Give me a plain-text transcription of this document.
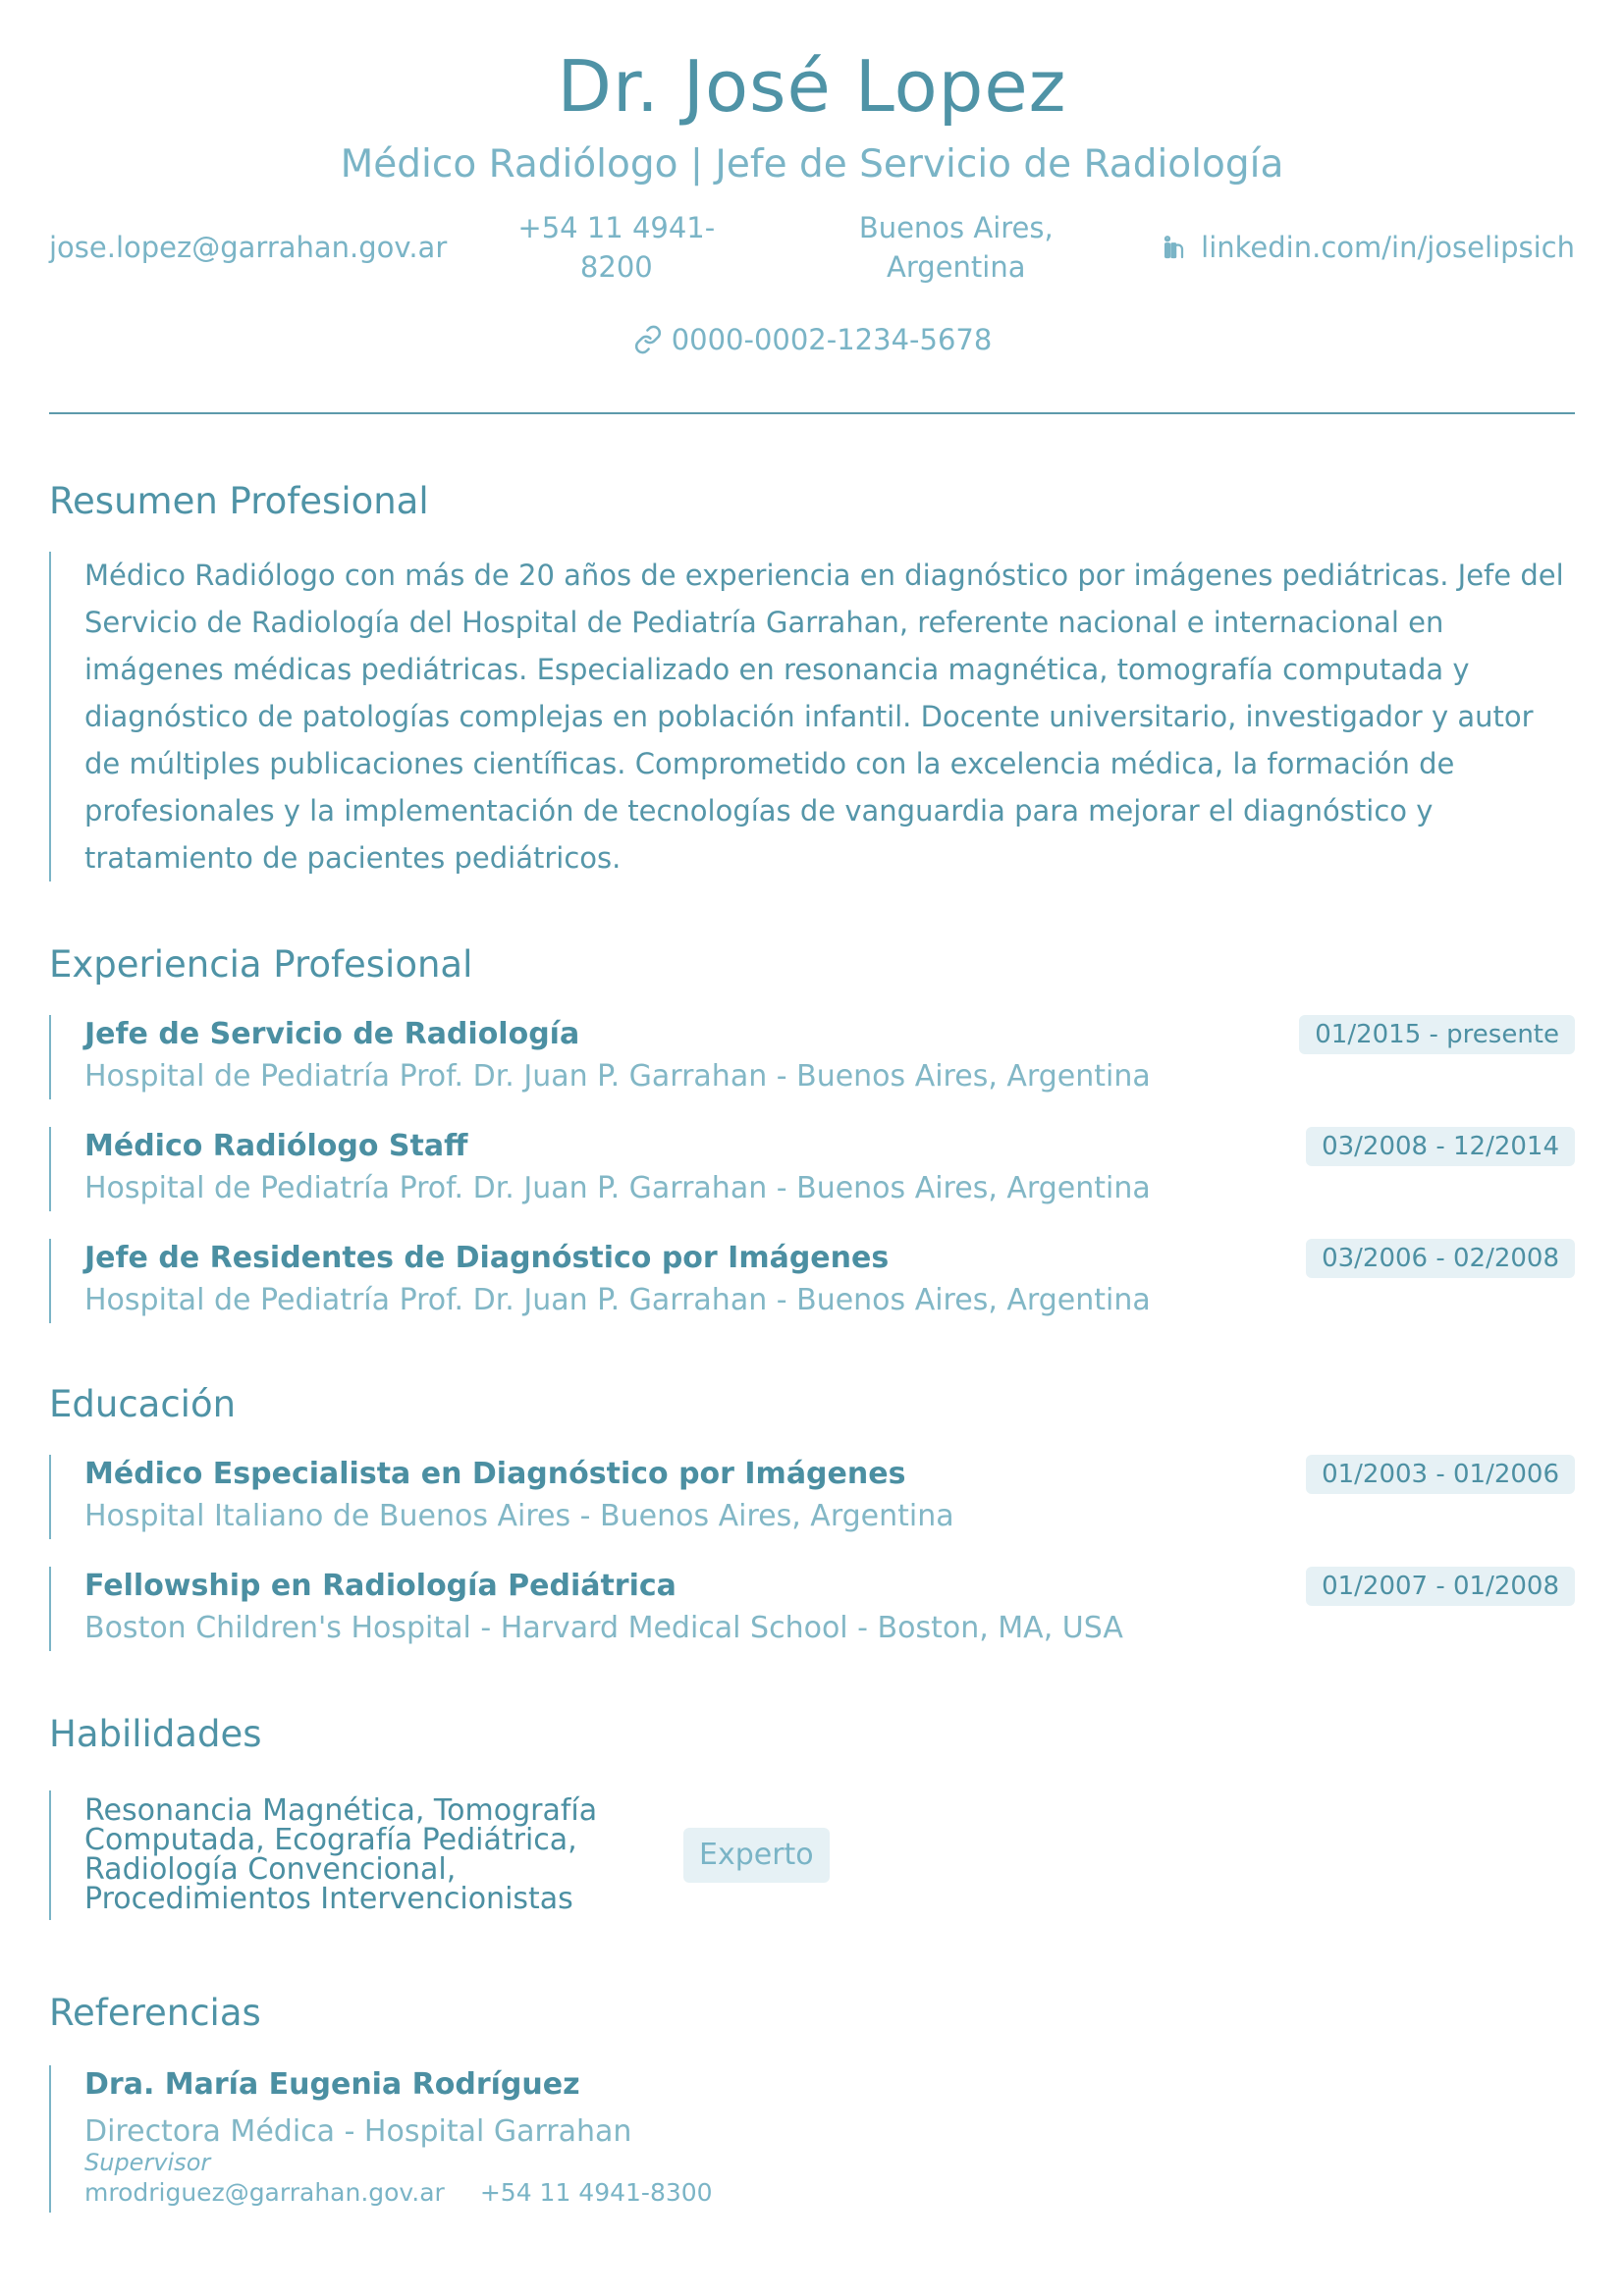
Dr. José Lopez
Médico Radiólogo | Jefe de Servicio de Radiología
jose.lopez@garrahan.gov.ar
+54 11 4941-8200
Buenos Aires, Argentina
linkedin.com/in/joselipsich
0000-0002-1234-5678
Resumen Profesional
Médico Radiólogo con más de 20 años de experiencia en diagnóstico por imágenes pediátricas. Jefe del Servicio de Radiología del Hospital de Pediatría Garrahan, referente nacional e internacional en imágenes médicas pediátricas. Especializado en resonancia magnética, tomografía computada y diagnóstico de patologías complejas en población infantil. Docente universitario, investigador y autor de múltiples publicaciones científicas. Comprometido con la excelencia médica, la formación de profesionales y la implementación de tecnologías de vanguardia para mejorar el diagnóstico y tratamiento de pacientes pediátricos.
Experiencia Profesional
Jefe de Servicio de Radiología
Hospital de Pediatría Prof. Dr. Juan P. Garrahan - Buenos Aires, Argentina
01/2015 - presente
Médico Radiólogo Staff
Hospital de Pediatría Prof. Dr. Juan P. Garrahan - Buenos Aires, Argentina
03/2008 - 12/2014
Jefe de Residentes de Diagnóstico por Imágenes
Hospital de Pediatría Prof. Dr. Juan P. Garrahan - Buenos Aires, Argentina
03/2006 - 02/2008
Educación
Médico Especialista en Diagnóstico por Imágenes
Hospital Italiano de Buenos Aires - Buenos Aires, Argentina
01/2003 - 01/2006
Fellowship en Radiología Pediátrica
Boston Children's Hospital - Harvard Medical School - Boston, MA, USA
01/2007 - 01/2008
Habilidades
Resonancia Magnética, Tomografía Computada, Ecografía Pediátrica, Radiología Convencional, Procedimientos Intervencionistas
Experto
Referencias
Dra. María Eugenia Rodríguez
Directora Médica - Hospital Garrahan
Supervisor
mrodriguez@garrahan.gov.ar +54 11 4941-8300
